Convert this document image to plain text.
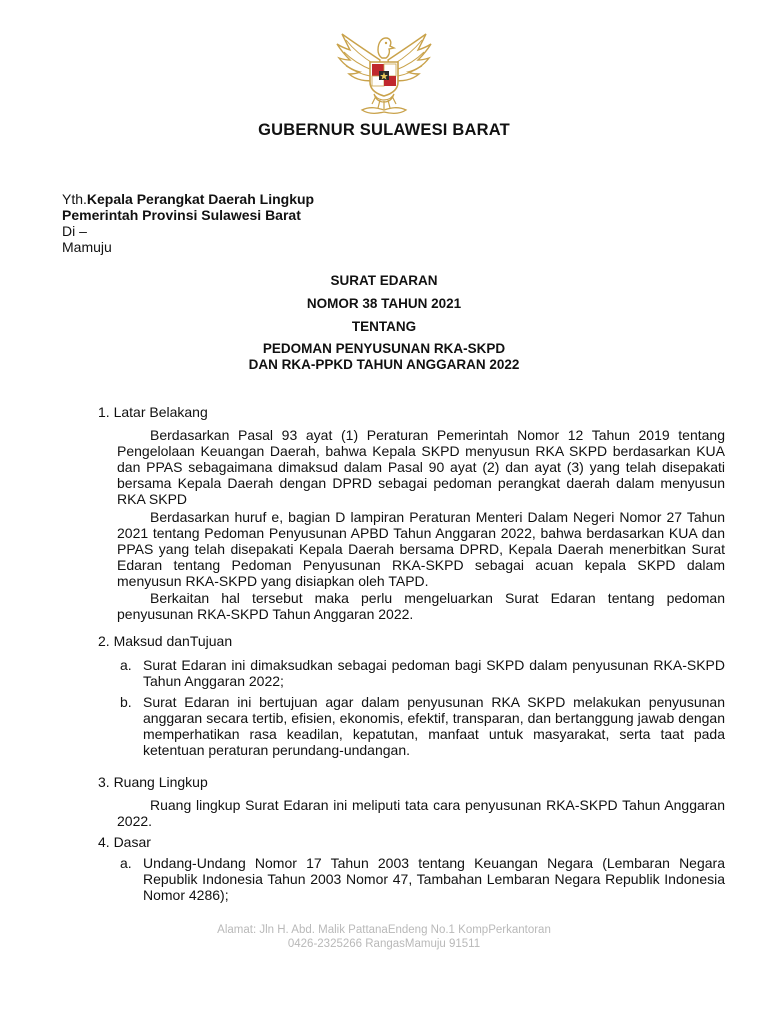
GUBERNUR SULAWESI BARAT
Yth.Kepala Perangkat Daerah Lingkup
Pemerintah Provinsi Sulawesi Barat
Di –
Mamuju
SURAT EDARAN
NOMOR 38 TAHUN 2021
TENTANG
PEDOMAN PENYUSUNAN RKA-SKPD
DAN RKA-PPKD TAHUN ANGGARAN 2022
1. Latar Belakang
Berdasarkan Pasal 93 ayat (1) Peraturan Pemerintah Nomor 12 Tahun 2019 tentang Pengelolaan Keuangan Daerah, bahwa Kepala SKPD menyusun RKA SKPD berdasarkan KUA dan PPAS sebagaimana dimaksud dalam Pasal 90 ayat (2) dan ayat (3) yang telah disepakati bersama Kepala Daerah dengan DPRD sebagai pedoman perangkat daerah dalam menyusun RKA SKPD
Berdasarkan huruf e, bagian D lampiran Peraturan Menteri Dalam Negeri Nomor 27 Tahun 2021 tentang Pedoman Penyusunan APBD Tahun Anggaran 2022, bahwa berdasarkan KUA dan PPAS yang telah disepakati Kepala Daerah bersama DPRD, Kepala Daerah menerbitkan Surat Edaran tentang Pedoman Penyusunan RKA-SKPD sebagai acuan kepala SKPD dalam menyusun RKA-SKPD yang disiapkan oleh TAPD.
Berkaitan hal tersebut maka perlu mengeluarkan Surat Edaran tentang pedoman penyusunan RKA-SKPD Tahun Anggaran 2022.
2. Maksud danTujuan
a. Surat Edaran ini dimaksudkan sebagai pedoman bagi SKPD dalam penyusunan RKA-SKPD Tahun Anggaran 2022;
b. Surat Edaran ini bertujuan agar dalam penyusunan RKA SKPD melakukan penyusunan anggaran secara tertib, efisien, ekonomis, efektif, transparan, dan bertanggung jawab dengan memperhatikan rasa keadilan, kepatutan, manfaat untuk masyarakat, serta taat pada ketentuan peraturan perundang-undangan.
3. Ruang Lingkup
Ruang lingkup Surat Edaran ini meliputi tata cara penyusunan RKA-SKPD Tahun Anggaran 2022.
4. Dasar
a. Undang-Undang Nomor 17 Tahun 2003 tentang Keuangan Negara (Lembaran Negara Republik Indonesia Tahun 2003 Nomor 47, Tambahan Lembaran Negara Republik Indonesia Nomor 4286);
Alamat: Jln H. Abd. Malik PattanaEndeng No.1 KompPerkantoran
0426-2325266 RangasMamuju 91511
